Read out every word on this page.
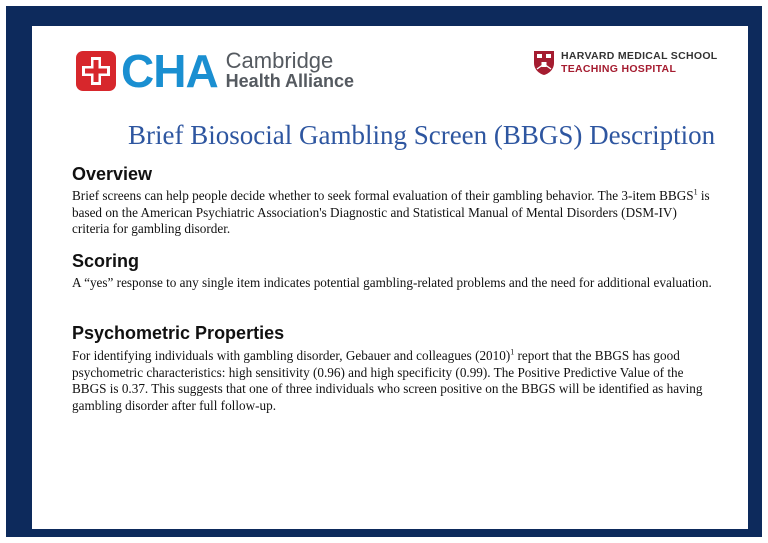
CHA Cambridge
Health Alliance
HARVARD MEDICAL SCHOOL
TEACHING HOSPITAL
Brief Biosocial Gambling Screen (BBGS) Description
Overview

Brief screens can help people decide whether to seek formal evaluation of their gambling behavior. The 3-item BBGS$^1$ is based on the American Psychiatric Association's Diagnostic and Statistical Manual of Mental Disorders (DSM-IV) criteria for gambling disorder.

Scoring

A “yes” response to any single item indicates potential gambling-related problems and the need for additional evaluation.

Psychometric Properties

For identifying individuals with gambling disorder, Gebauer and colleagues $(2010)^1$ report that the BBGS has good psychometric characteristics: high sensitivity (0.96) and high specificity (0.99). The Positive Predictive Value of the BBGS is 0.37. This suggests that one of three individuals who screen positive on the BBGS will be identified as having gambling disorder after full follow-up.
